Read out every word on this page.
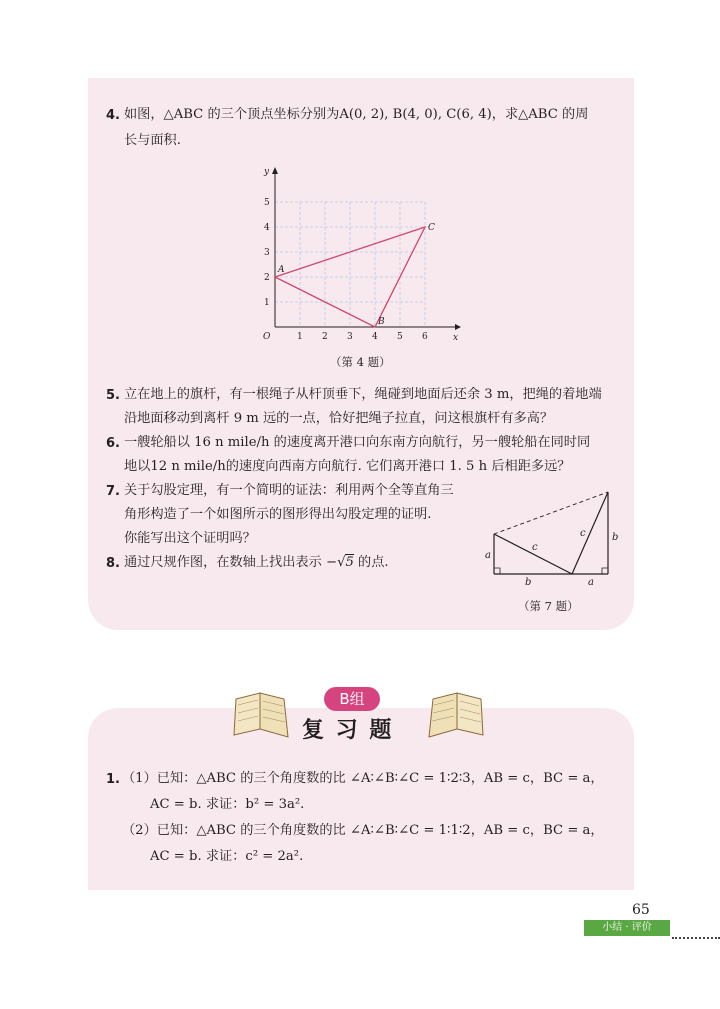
4. 如图，△ABC 的三个顶点坐标分别为A(0, 2), B(4, 0), C(6, 4)，求△ABC 的周
长与面积.
y
x
O	1 2 3 4 5 6
1
2
3
4
5
A
B
C
（第 4 题）
5. 立在地上的旗杆，有一根绳子从杆顶垂下，绳碰到地面后还余 3 m，把绳的着地端
沿地面移动到离杆 9 m 远的一点，恰好把绳子拉直，问这根旗杆有多高？
6. 一艘轮船以 16 n mile/h 的速度离开港口向东南方向航行，另一艘轮船在同时同
地以12 n mile/h的速度向西南方向航行. 它们离开港口 1. 5 h 后相距多远？
7. 关于勾股定理，有一个简明的证法：利用两个全等直角三
角形构造了一个如图所示的图形得出勾股定理的证明.
你能写出这个证明吗？
8. 通过尺规作图，在数轴上找出表示 −√5 的点.	a
c
b	a
c	b
（第 7 题）
B组
复 习 题
1. （1）已知：△ABC 的三个角度数的比 ∠A∶∠B∶∠C = 1∶2∶3，AB = c，BC = a，
AC = b. 求证：b² = 3a².
（2）已知：△ABC 的三个角度数的比 ∠A∶∠B∶∠C = 1∶1∶2，AB = c，BC = a，
AC = b. 求证：c² = 2a².
65
小结 · 评价
